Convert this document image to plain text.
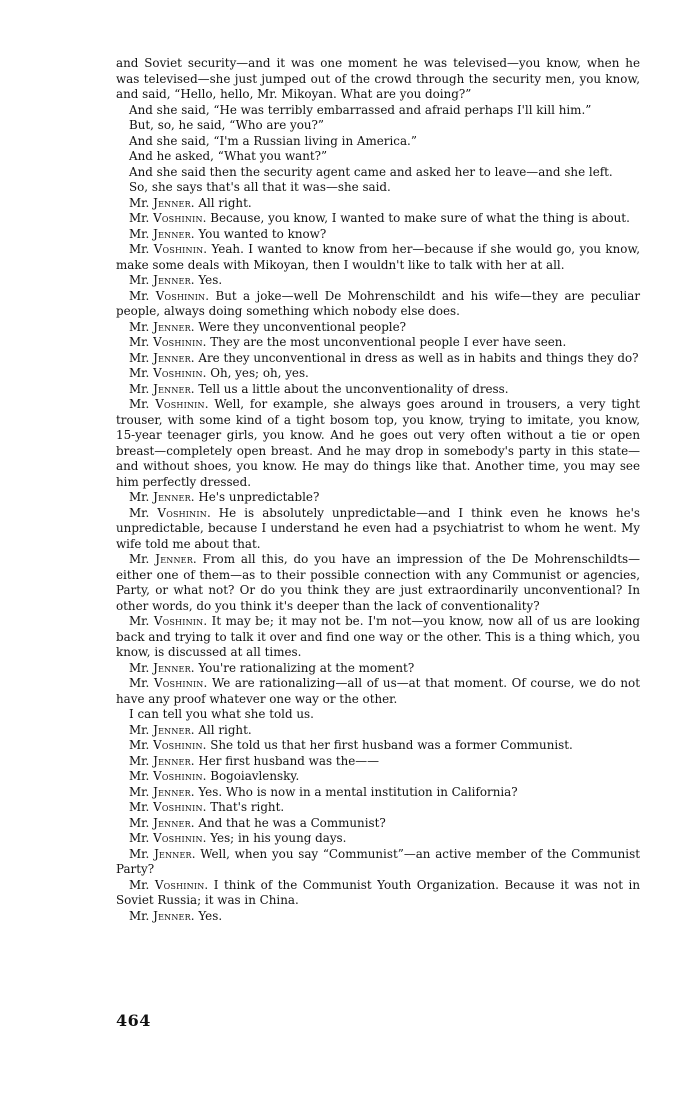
and Soviet security—and it was one moment he was televised—you know, when he was televised—she just jumped out of the crowd through the security men, you know, and said, “Hello, hello, Mr. Mikoyan. What are you doing?”

And she said, “He was terribly embarrassed and afraid perhaps I'll kill him.”

But, so, he said, “Who are you?”

And she said, “I'm a Russian living in America.”

And he asked, “What you want?”

And she said then the security agent came and asked her to leave—and she left.

So, she says that's all that it was—she said.

Mr. Jenner. All right.

Mr. Voshinin. Because, you know, I wanted to make sure of what the thing is about.

Mr. Jenner. You wanted to know?

Mr. Voshinin. Yeah. I wanted to know from her—because if she would go, you know, make some deals with Mikoyan, then I wouldn't like to talk with her at all.

Mr. Jenner. Yes.

Mr. Voshinin. But a joke—well De Mohrenschildt and his wife—they are peculiar people, always doing something which nobody else does.

Mr. Jenner. Were they unconventional people?

Mr. Voshinin. They are the most unconventional people I ever have seen.

Mr. Jenner. Are they unconventional in dress as well as in habits and things they do?

Mr. Voshinin. Oh, yes; oh, yes.

Mr. Jenner. Tell us a little about the unconventionality of dress.

Mr. Voshinin. Well, for example, she always goes around in trousers, a very tight trouser, with some kind of a tight bosom top, you know, trying to imitate, you know, 15-year teenager girls, you know. And he goes out very often without a tie or open breast—completely open breast. And he may drop in somebody's party in this state—and without shoes, you know. He may do things like that. Another time, you may see him perfectly dressed.

Mr. Jenner. He's unpredictable?

Mr. Voshinin. He is absolutely unpredictable—and I think even he knows he's unpredictable, because I understand he even had a psychiatrist to whom he went. My wife told me about that.

Mr. Jenner. From all this, do you have an impression of the De Mohrenschildts—either one of them—as to their possible connection with any Communist or agencies, Party, or what not? Or do you think they are just extraordinarily unconventional? In other words, do you think it's deeper than the lack of conventionality?

Mr. Voshinin. It may be; it may not be. I'm not—you know, now all of us are looking back and trying to talk it over and find one way or the other. This is a thing which, you know, is discussed at all times.

Mr. Jenner. You're rationalizing at the moment?

Mr. Voshinin. We are rationalizing—all of us—at that moment. Of course, we do not have any proof whatever one way or the other.

I can tell you what she told us.

Mr. Jenner. All right.

Mr. Voshinin. She told us that her first husband was a former Communist.

Mr. Jenner. Her first husband was the——

Mr. Voshinin. Bogoiavlensky.

Mr. Jenner. Yes. Who is now in a mental institution in California?

Mr. Voshinin. That's right.

Mr. Jenner. And that he was a Communist?

Mr. Voshinin. Yes; in his young days.

Mr. Jenner. Well, when you say “Communist”—an active member of the Communist Party?

Mr. Voshinin. I think of the Communist Youth Organization. Because it was not in Soviet Russia; it was in China.

Mr. Jenner. Yes.

464
